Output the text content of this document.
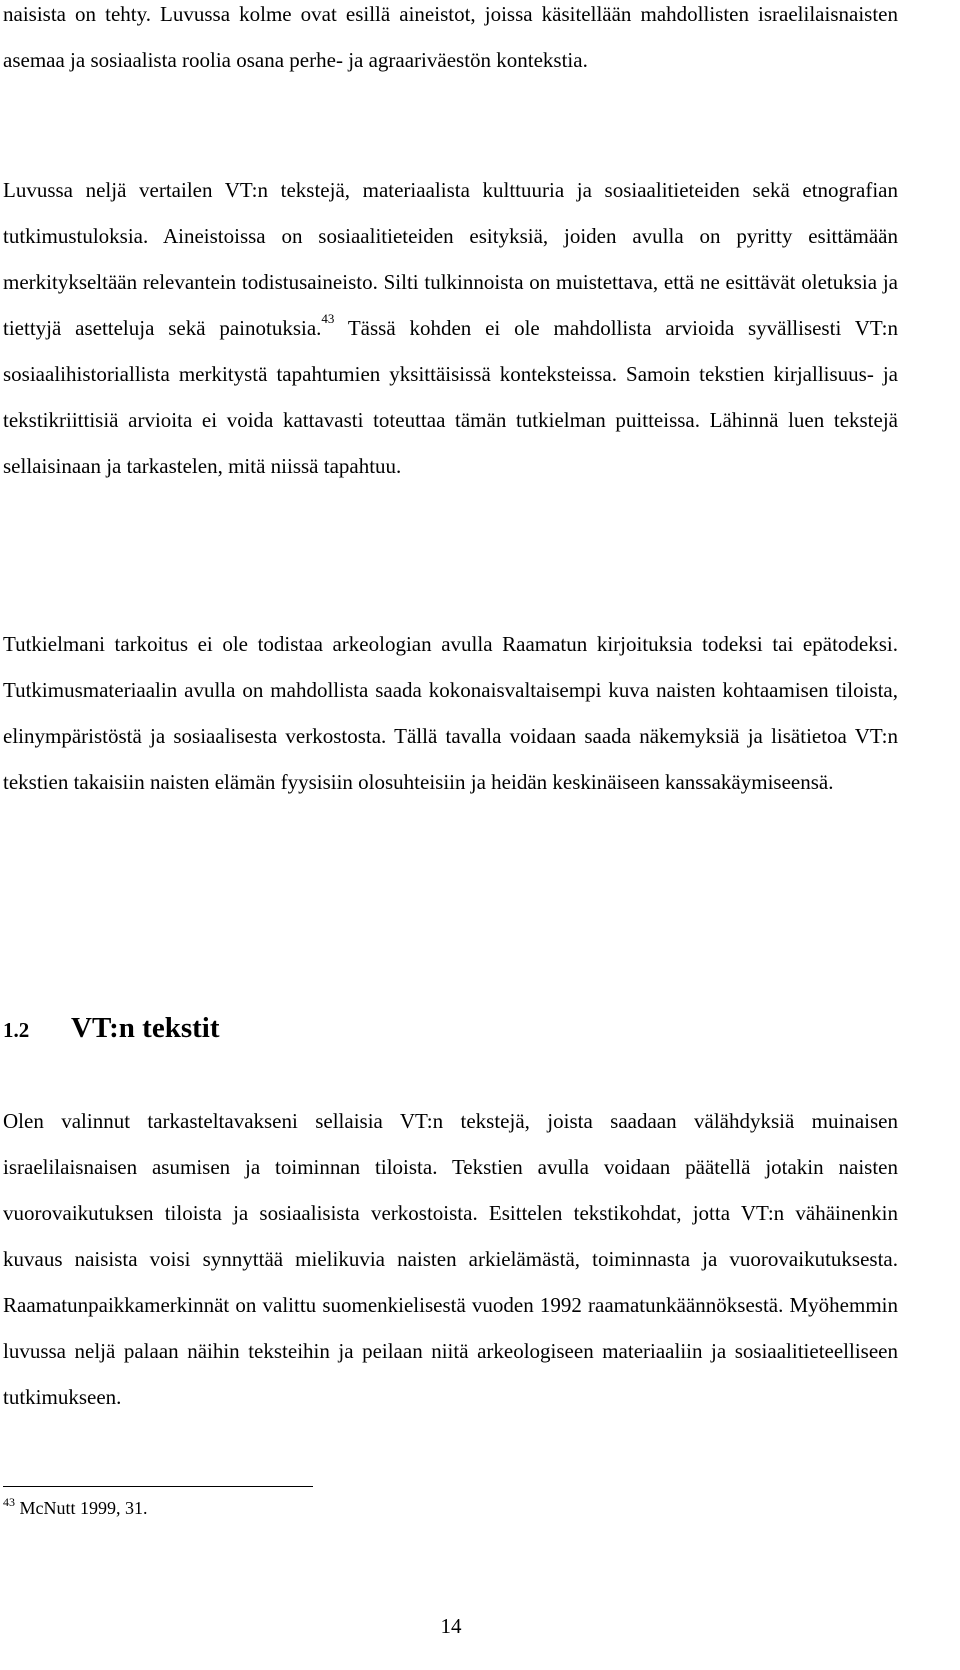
naisista on tehty. Luvussa kolme ovat esillä aineistot, joissa käsitellään mahdollisten israelilaisnaisten asemaa ja sosiaalista roolia osana perhe- ja agraariväestön kontekstia.

Luvussa neljä vertailen VT:n tekstejä, materiaalista kulttuuria ja sosiaalitieteiden sekä etnografian tutkimustuloksia. Aineistoissa on sosiaalitieteiden esityksiä, joiden avulla on pyritty esittämään merkitykseltään relevantein todistusaineisto. Silti tulkinnoista on muistettava, että ne esittävät oletuksia ja tiettyjä asetteluja sekä painotuksia.$^{43}$ Tässä kohden ei ole mahdollista arvioida syvällisesti VT:n sosiaalihistoriallista merkitystä tapahtumien yksittäisissä konteksteissa. Samoin tekstien kirjallisuus- ja tekstikriittisiä arvioita ei voida kattavasti toteuttaa tämän tutkielman puitteissa. Lähinnä luen tekstejä sellaisinaan ja tarkastelen, mitä niissä tapahtuu.

Tutkielmani tarkoitus ei ole todistaa arkeologian avulla Raamatun kirjoituksia todeksi tai epätodeksi. Tutkimusmateriaalin avulla on mahdollista saada kokonaisvaltaisempi kuva naisten kohtaamisen tiloista, elinympäristöstä ja sosiaalisesta verkostosta. Tällä tavalla voidaan saada näkemyksiä ja lisätietoa VT:n tekstien takaisiin naisten elämän fyysisiin olosuhteisiin ja heidän keskinäiseen kanssakäymiseensä.

1.2 VT:n tekstit

Olen valinnut tarkasteltavakseni sellaisia VT:n tekstejä, joista saadaan välähdyksiä muinaisen israelilaisnaisen asumisen ja toiminnan tiloista. Tekstien avulla voidaan päätellä jotakin naisten vuorovaikutuksen tiloista ja sosiaalisista verkostoista. Esittelen tekstikohdat, jotta VT:n vähäinenkin kuvaus naisista voisi synnyttää mielikuvia naisten arkielämästä, toiminnasta ja vuorovaikutuksesta. Raamatunpaikkamerkinnät on valittu suomenkielisestä vuoden 1992 raamatunkäännöksestä. Myöhemmin luvussa neljä palaan näihin teksteihin ja peilaan niitä arkeologiseen materiaaliin ja sosiaalitieteelliseen tutkimukseen.

$^{43}$ McNutt 1999, 31.

14
